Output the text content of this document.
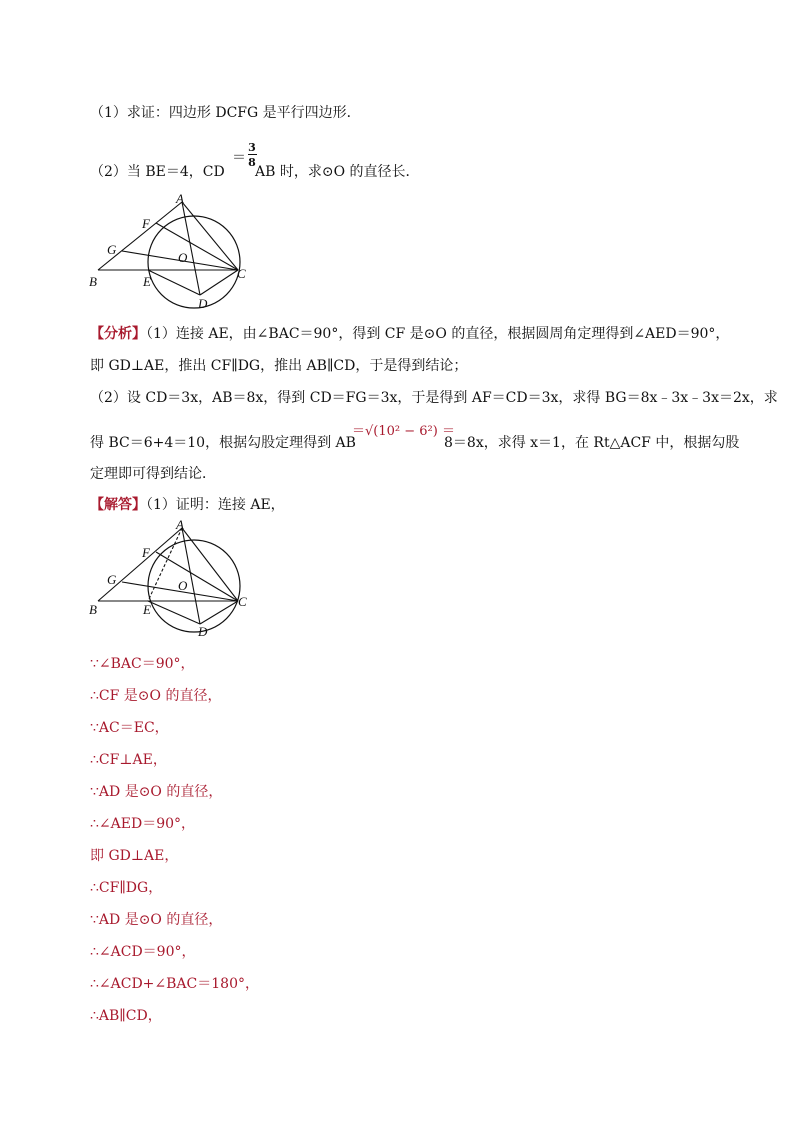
（1）求证：四边形 DCFG 是平行四边形．
（2）当 BE＝4，CD
＝
3
8
AB 时，求⊙O 的直径长．
A
F
G
O
B	E
C
D
【分析】（1）连接 AE，由∠BAC＝90°，得到 CF 是⊙O 的直径，根据圆周角定理得到∠AED＝90°，
即 GD⊥AE，推出 CF∥DG，推出 AB∥CD，于是得到结论；
（2）设 CD＝3x，AB＝8x，得到 CD＝FG＝3x，于是得到 AF＝CD＝3x，求得 BG＝8x﹣3x﹣3x＝2x，求
得 BC＝6+4＝10，根据勾股定理得到 AB
＝√(10² − 6²) ＝
8＝8x，求得 x＝1，在 Rt△ACF 中，根据勾股
定理即可得到结论．
【解答】（1）证明：连接 AE，
A
F
G	O
B	E
C
D
∵∠BAC＝90°，
∴CF 是⊙O 的直径，
∵AC＝EC，
∴CF⊥AE，
∵AD 是⊙O 的直径，
∴∠AED＝90°，
即 GD⊥AE，
∴CF∥DG，
∵AD 是⊙O 的直径，
∴∠ACD＝90°，
∴∠ACD+∠BAC＝180°，
∴AB∥CD，
